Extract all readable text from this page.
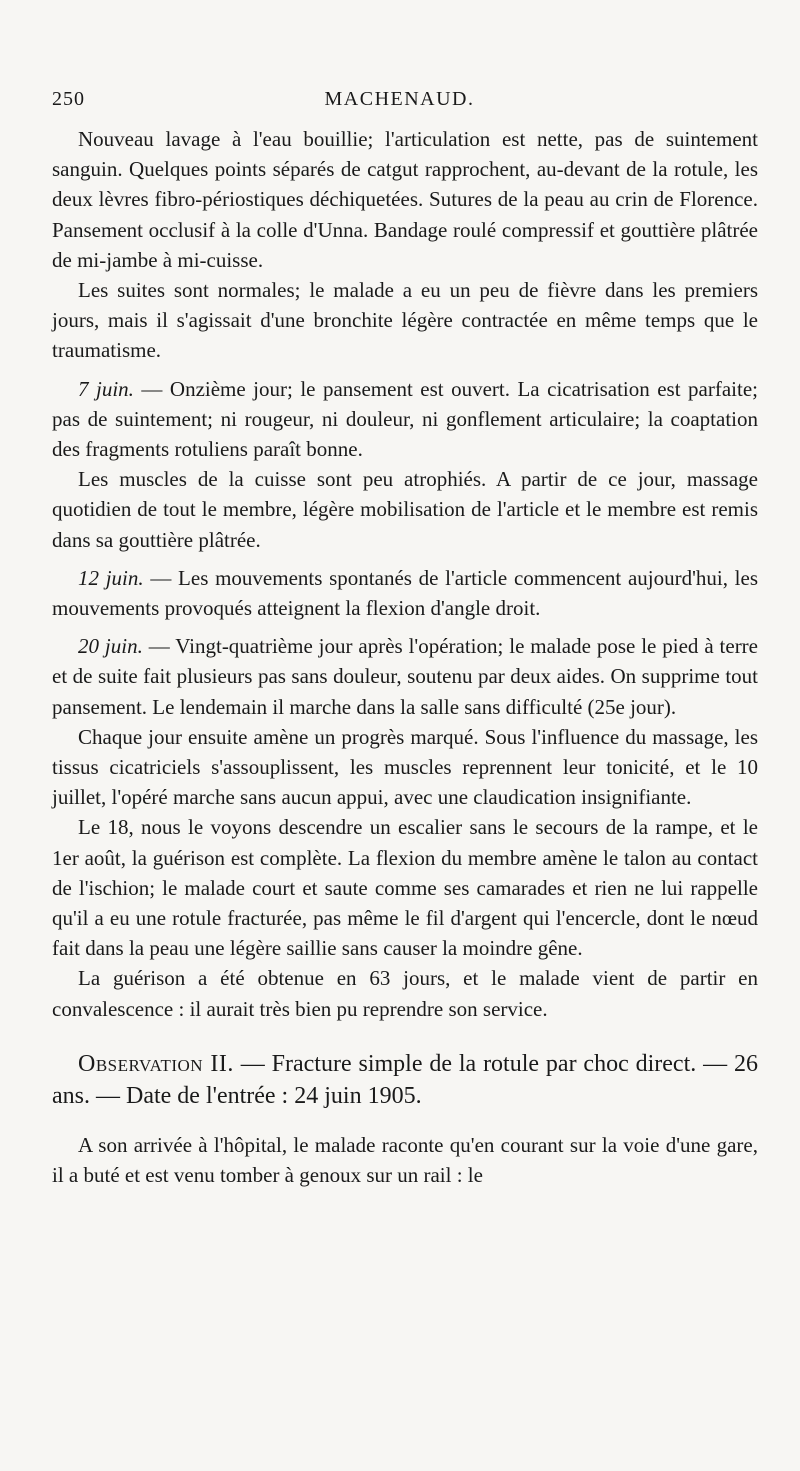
250	MACHENAUD.

Nouveau lavage à l'eau bouillie; l'articulation est nette, pas de suintement sanguin. Quelques points séparés de catgut rapprochent, au-devant de la rotule, les deux lèvres fibro-périostiques déchiquetées. Sutures de la peau au crin de Florence. Pansement occlusif à la colle d'Unna. Bandage roulé compressif et gouttière plâtrée de mi-jambe à mi-cuisse.

Les suites sont normales; le malade a eu un peu de fièvre dans les premiers jours, mais il s'agissait d'une bronchite légère contractée en même temps que le traumatisme.

7 juin. — Onzième jour; le pansement est ouvert. La cicatrisation est parfaite; pas de suintement; ni rougeur, ni douleur, ni gonflement articulaire; la coaptation des fragments rotuliens paraît bonne.

Les muscles de la cuisse sont peu atrophiés. A partir de ce jour, massage quotidien de tout le membre, légère mobilisation de l'article et le membre est remis dans sa gouttière plâtrée.

12 juin. — Les mouvements spontanés de l'article commencent aujourd'hui, les mouvements provoqués atteignent la flexion d'angle droit.

20 juin. — Vingt-quatrième jour après l'opération; le malade pose le pied à terre et de suite fait plusieurs pas sans douleur, soutenu par deux aides. On supprime tout pansement. Le lendemain il marche dans la salle sans difficulté (25e jour).

Chaque jour ensuite amène un progrès marqué. Sous l'influence du massage, les tissus cicatriciels s'assouplissent, les muscles reprennent leur tonicité, et le 10 juillet, l'opéré marche sans aucun appui, avec une claudication insignifiante.

Le 18, nous le voyons descendre un escalier sans le secours de la rampe, et le 1er août, la guérison est complète. La flexion du membre amène le talon au contact de l'ischion; le malade court et saute comme ses camarades et rien ne lui rappelle qu'il a eu une rotule fracturée, pas même le fil d'argent qui l'encercle, dont le nœud fait dans la peau une légère saillie sans causer la moindre gêne.

La guérison a été obtenue en 63 jours, et le malade vient de partir en convalescence : il aurait très bien pu reprendre son service.

Observation II. — Fracture simple de la rotule par choc direct. — 26 ans. — Date de l'entrée : 24 juin 1905.

A son arrivée à l'hôpital, le malade raconte qu'en courant sur la voie d'une gare, il a buté et est venu tomber à genoux sur un rail : le
